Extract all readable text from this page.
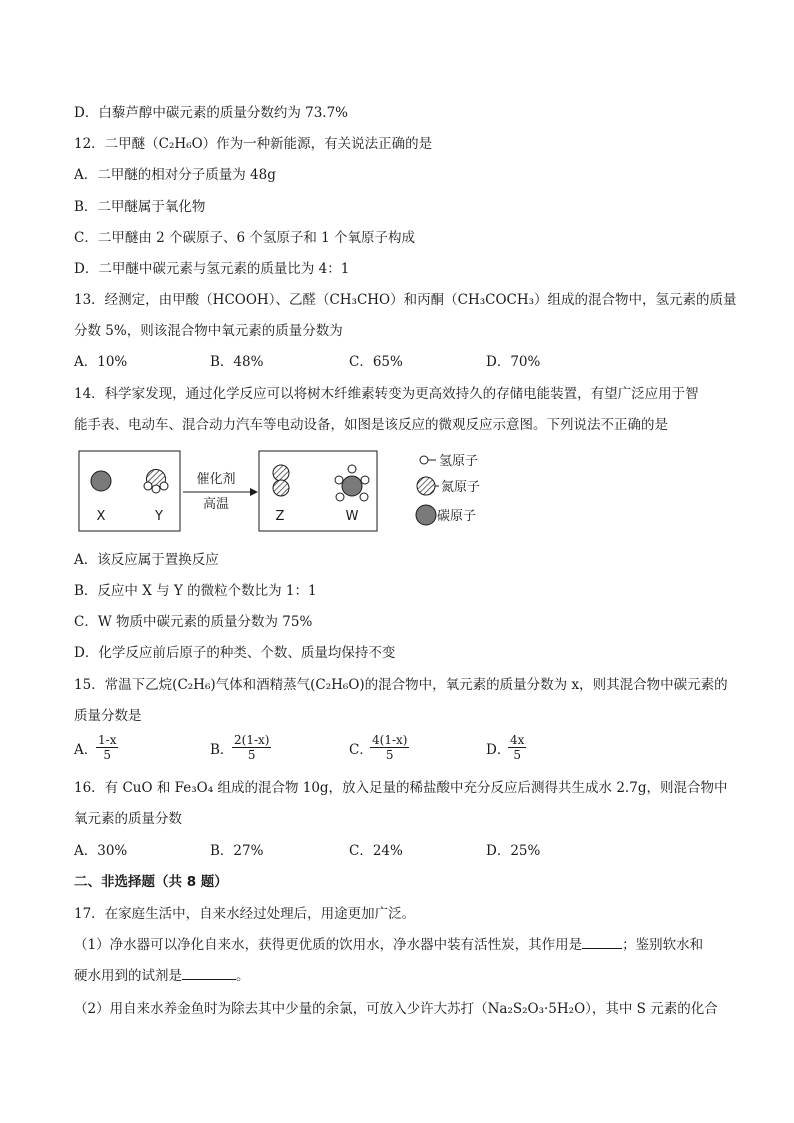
D．白藜芦醇中碳元素的质量分数约为 73.7%
12．二甲醚（C₂H₆O）作为一种新能源，有关说法正确的是
A．二甲醚的相对分子质量为 48g
B．二甲醚属于氧化物
C．二甲醚由 2 个碳原子、6 个氢原子和 1 个氧原子构成
D．二甲醚中碳元素与氢元素的质量比为 4：1
13．经测定，由甲酸（HCOOH）、乙醛（CH₃CHO）和丙酮（CH₃COCH₃）组成的混合物中，氢元素的质量
分数 5%，则该混合物中氧元素的质量分数为
A．10%	B．48%	C．65%	D．70%
14．科学家发现，通过化学反应可以将树木纤维素转变为更高效持久的存储电能装置，有望广泛应用于智
能手表、电动车、混合动力汽车等电动设备，如图是该反应的微观反应示意图。下列说法不正确的是
X	Y
催化剂
高温
Z	W
氢原子
氮原子
碳原子
A．该反应属于置换反应
B．反应中 X 与 Y 的微粒个数比为 1：1
C．W 物质中碳元素的质量分数为 75%
D．化学反应前后原子的种类、个数、质量均保持不变
15．常温下乙烷(C₂H₆)气体和酒精蒸气(C₂H₆O)的混合物中，氧元素的质量分数为 x，则其混合物中碳元素的
质量分数是
A．
$\frac{1-x}{5}$	B．
$\frac{2(1-x)}{5}$	C．
$\frac{4(1-x)}{5}$	D．
$\frac{4x}{5}$
16．有 CuO 和 Fe₃O₄ 组成的混合物 10g，放入足量的稀盐酸中充分反应后测得共生成水 2.7g，则混合物中
氧元素的质量分数
A．30%	B．27%	C．24%	D．25%
二、非选择题（共 8 题）
17．在家庭生活中，自来水经过处理后，用途更加广泛。
（1）净水器可以净化自来水，获得更优质的饮用水，净水器中装有活性炭，其作用是	；鉴别软水和
硬水用到的试剂是	。
（2）用自来水养金鱼时为除去其中少量的余氯，可放入少许大苏打（Na₂S₂O₃·5H₂O），其中 S 元素的化合
